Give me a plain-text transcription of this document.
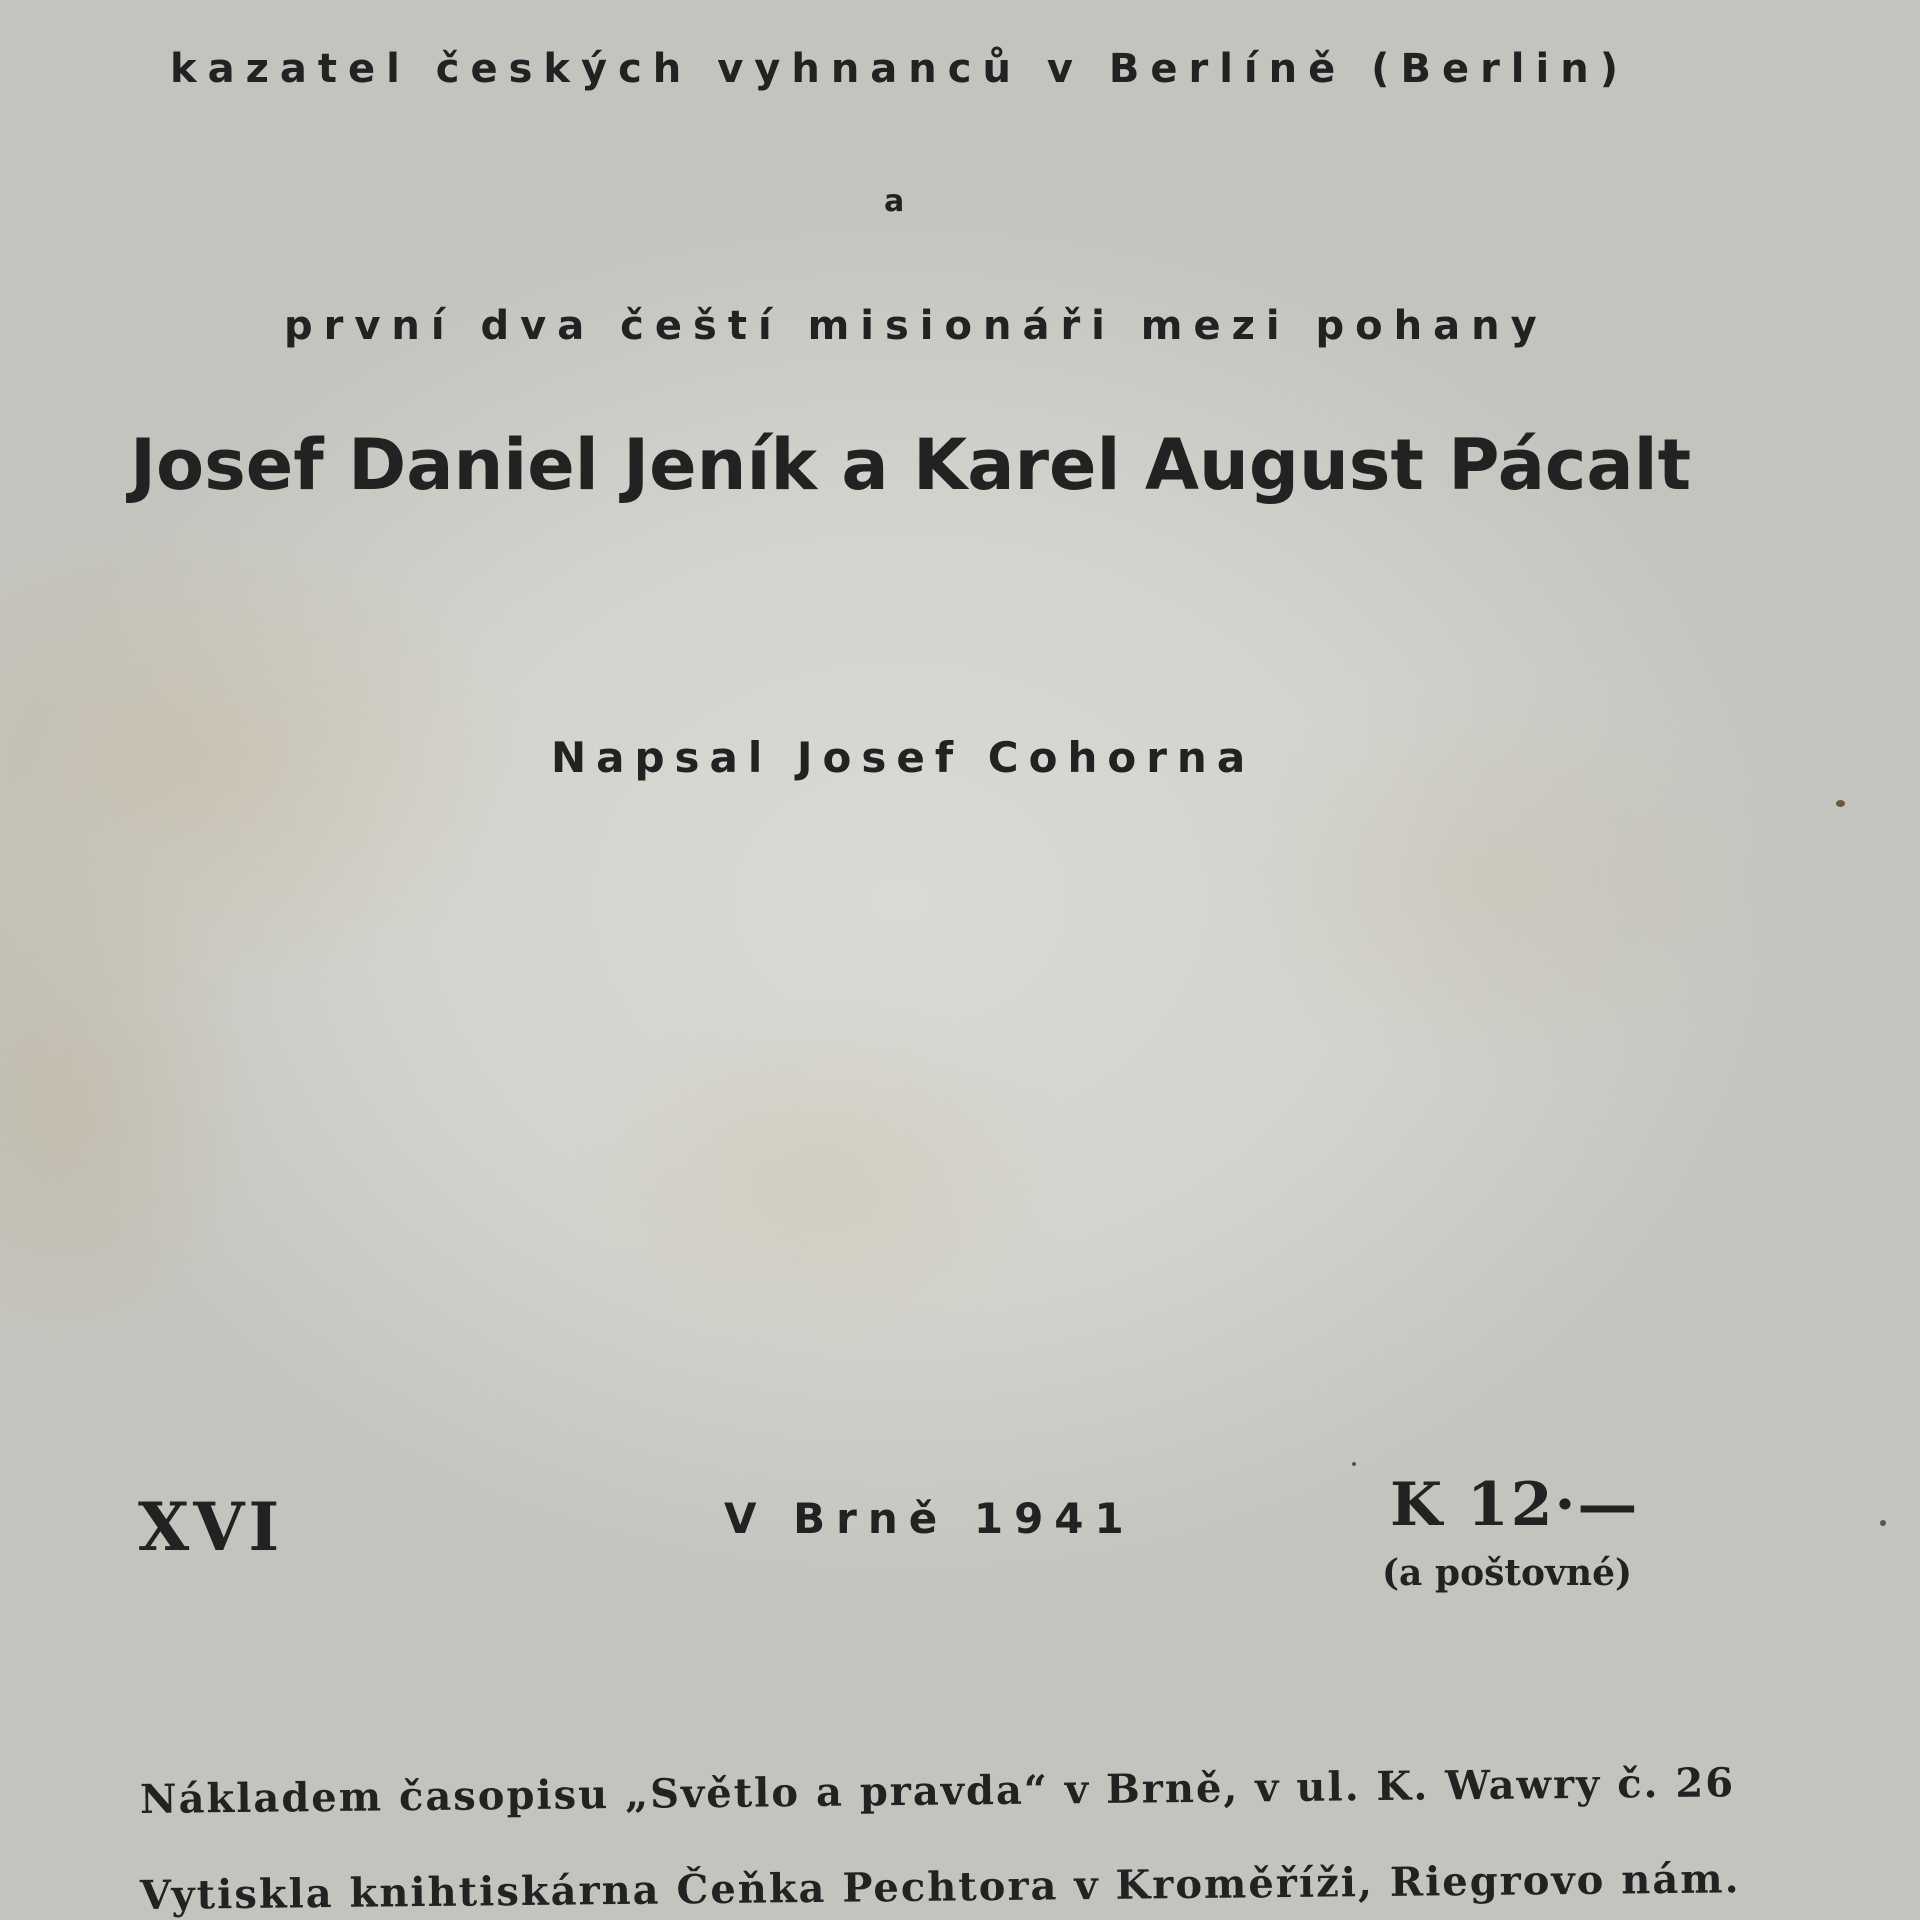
kazatel českých vyhnanců v Berlíně (Berlin)
a
první dva čeští misionáři mezi pohany
Josef Daniel Jeník a Karel August Pácalt
Napsal Josef Cohorna
XVI	V Brně 1941	K 12·—
(a poštovné)
Nákladem časopisu „Světlo a pravda“ v Brně, v ul. K. Wawry č. 26
Vytiskla knihtiskárna Čeňka Pechtora v Kroměříži, Riegrovo nám.
